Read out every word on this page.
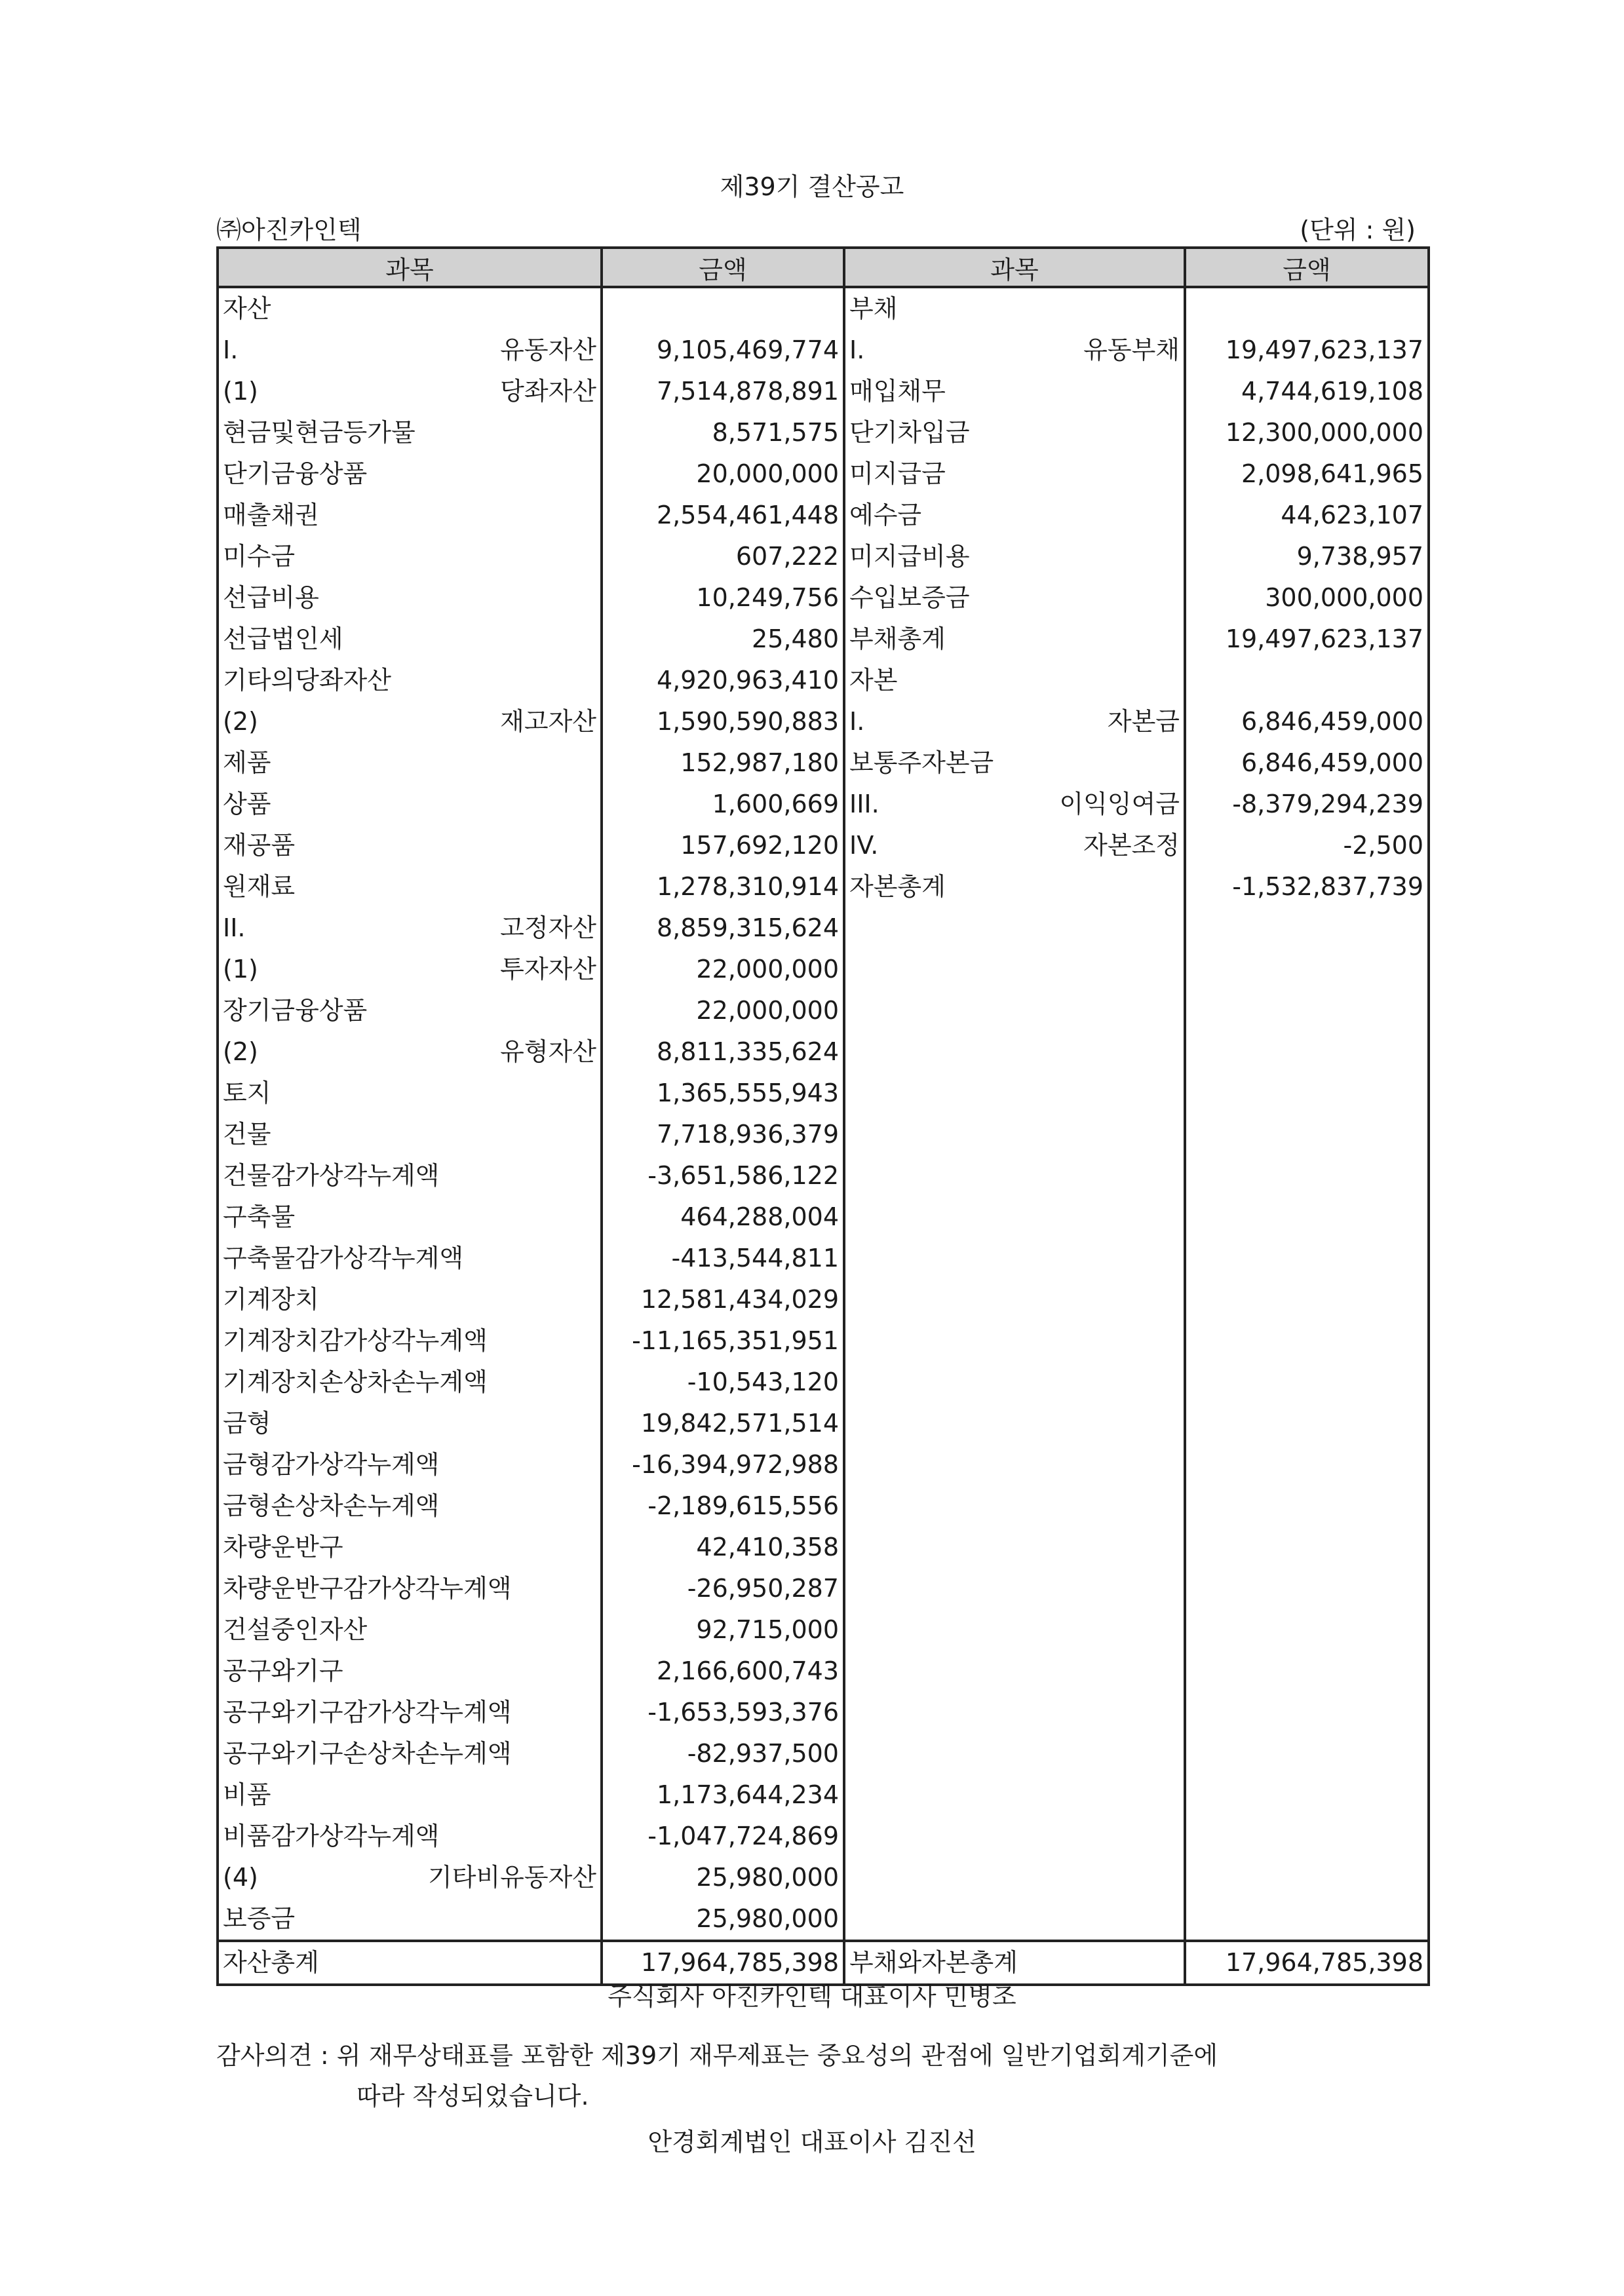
제39기 결산공고
㈜아진카인텍	(단위 : 원)
과목	금액	과목	금액
자산		부채	
I. 유동자산	9,105,469,774	I. 유동부채	19,497,623,137
(1) 당좌자산	7,514,878,891	매입채무	4,744,619,108
현금및현금등가물	8,571,575	단기차입금	12,300,000,000
단기금융상품	20,000,000	미지급금	2,098,641,965
매출채권	2,554,461,448	예수금	44,623,107
미수금	607,222	미지급비용	9,738,957
선급비용	10,249,756	수입보증금	300,000,000
선급법인세	25,480	부채총계	19,497,623,137
기타의당좌자산	4,920,963,410	자본	
(2) 재고자산	1,590,590,883	I. 자본금	6,846,459,000
제품	152,987,180	보통주자본금	6,846,459,000
상품	1,600,669	III. 이익잉여금	-8,379,294,239
재공품	157,692,120	IV. 자본조정	-2,500
원재료	1,278,310,914	자본총계	-1,532,837,739
II. 고정자산	8,859,315,624		
(1) 투자자산	22,000,000		
장기금융상품	22,000,000		
(2) 유형자산	8,811,335,624		
토지	1,365,555,943		
건물	7,718,936,379		
건물감가상각누계액	-3,651,586,122		
구축물	464,288,004		
구축물감가상각누계액	-413,544,811		
기계장치	12,581,434,029		
기계장치감가상각누계액	-11,165,351,951		
기계장치손상차손누계액	-10,543,120		
금형	19,842,571,514		
금형감가상각누계액	-16,394,972,988		
금형손상차손누계액	-2,189,615,556		
차량운반구	42,410,358		
차량운반구감가상각누계액	-26,950,287		
건설중인자산	92,715,000		
공구와기구	2,166,600,743		
공구와기구감가상각누계액	-1,653,593,376		
공구와기구손상차손누계액	-82,937,500		
비품	1,173,644,234		
비품감가상각누계액	-1,047,724,869		
(4) 기타비유동자산	25,980,000		
보증금	25,980,000		
자산총계	17,964,785,398	부채와자본총계	17,964,785,398
주식회사 아진카인텍 대표이사 민병조
감사의견 : 위 재무상태표를 포함한 제39기 재무제표는 중요성의 관점에 일반기업회계기준에
따라 작성되었습니다.
안경회계법인 대표이사 김진선
